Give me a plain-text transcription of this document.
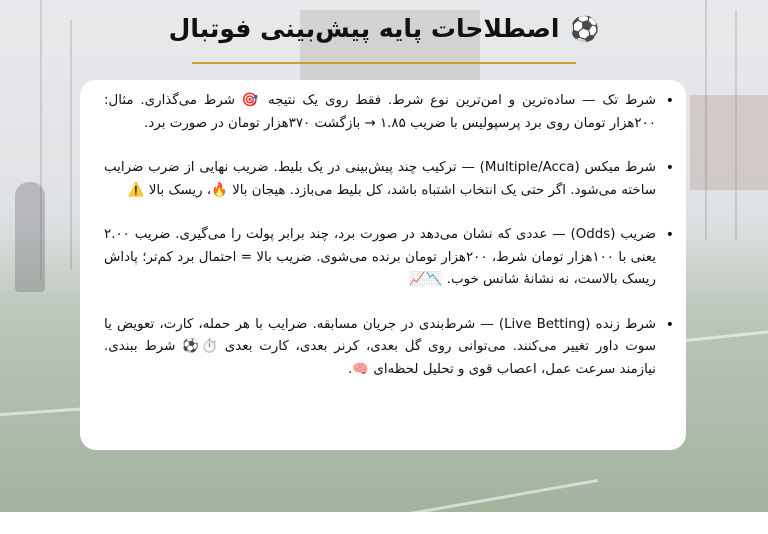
⚽
اصطلاحات پایه پیش‌بینی فوتبال
• شرط تک — ساده‌ترین و امن‌ترین نوع شرط. فقط روی یک نتیجه 🎯 شرط می‌گذاری. مثال: ۲۰۰هزار تومان روی برد پرسپولیس با ضریب ۱.۸۵ → بازگشت ۳۷۰هزار تومان در صورت برد.
• شرط میکس (Multiple/Acca) — ترکیب چند پیش‌بینی در یک بلیط. ضریب نهایی از ضرب ضرایب ساخته می‌شود. اگر حتی یک انتخاب اشتباه باشد، کل بلیط می‌بازد. هیجان بالا 🔥، ریسک بالا ⚠️
• ضریب (Odds) — عددی که نشان می‌دهد در صورت برد، چند برابر پولت را می‌گیری. ضریب ۲.۰۰ یعنی با ۱۰۰هزار تومان شرط، ۲۰۰هزار تومان برنده می‌شوی. ضریب بالا = احتمال برد کم‌تر؛ پاداش ریسک بالاست، نه نشانهٔ شانس خوب. 📉📈
• شرط زنده (Live Betting) — شرط‌بندی در جریان مسابقه. ضرایب با هر حمله، کارت، تعویض یا سوت داور تغییر می‌کنند. می‌توانی روی گل بعدی، کرنر بعدی، کارت بعدی ⏱️⚽ شرط ببندی. نیازمند سرعت عمل، اعصاب قوی و تحلیل لحظه‌ای 🧠.
